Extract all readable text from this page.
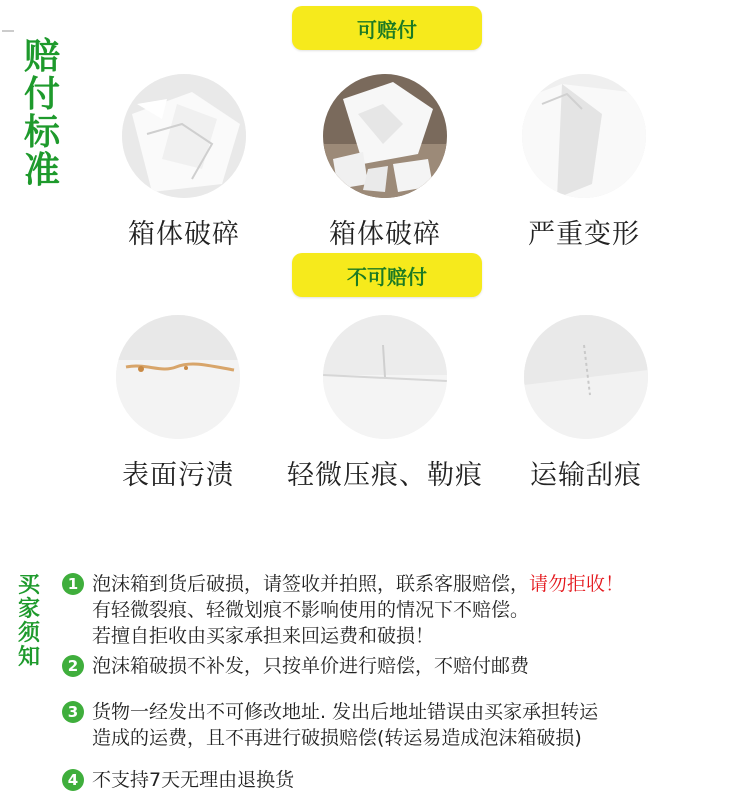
赔
付
标
准
可赔付
箱体破碎	箱体破碎	严重变形
不可赔付
表面污渍	轻微压痕、勒痕	运输刮痕
买
家
须
知
1 泡沫箱到货后破损，请签收并拍照，联系客服赔偿，请勿拒收！
有轻微裂痕、轻微划痕不影响使用的情况下不赔偿。
若擅自拒收由买家承担来回运费和破损！
2 泡沫箱破损不补发，只按单价进行赔偿，不赔付邮费
3 货物一经发出不可修改地址. 发出后地址错误由买家承担转运
造成的运费，且不再进行破损赔偿(转运易造成泡沫箱破损)
4 不支持7天无理由退换货
